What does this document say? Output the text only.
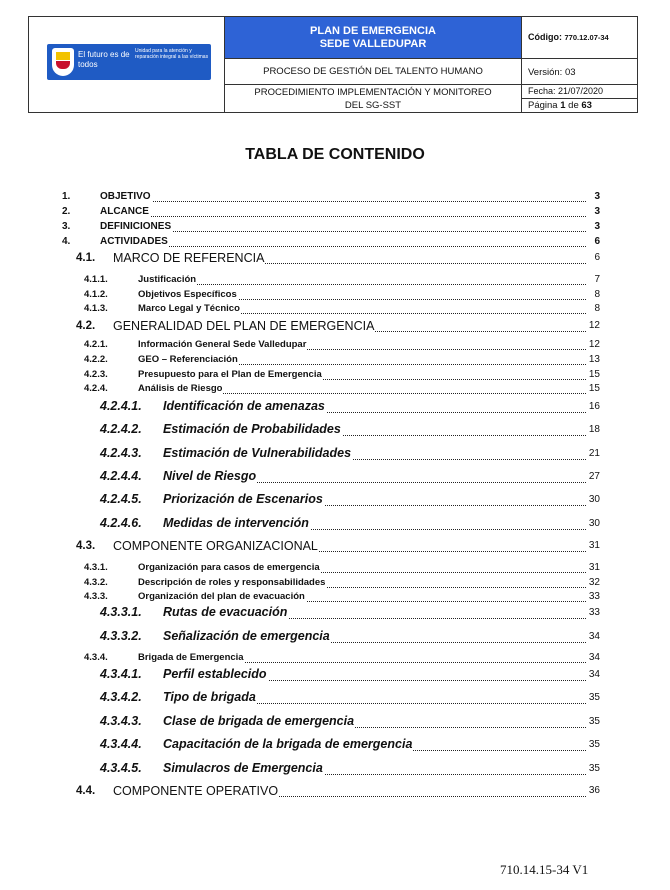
El futuro es de todos
Unidad para la atención y reparación integral a las víctimas
PLAN DE EMERGENCIA
SEDE VALLEDUPAR
PROCESO DE GESTIÓN DEL TALENTO HUMANO
PROCEDIMIENTO IMPLEMENTACIÓN Y MONITOREO
DEL SG-SST
Código: 770.12.07-34
Versión: 03
Fecha: 21/07/2020
Página 1 de 63
TABLA DE CONTENIDO
1.	OBJETIVO	3
2.	ALCANCE	3
3.	DEFINICIONES	3
4.	ACTIVIDADES	6
4.1. MARCO DE REFERENCIA	6
4.1.1.	Justificación	7
4.1.2.	Objetivos Específicos	8
4.1.3.	Marco Legal y Técnico	8
4.2. GENERALIDAD DEL PLAN DE EMERGENCIA	12
4.2.1.	Información General Sede Valledupar	12
4.2.2.	GEO – Referenciación	13
4.2.3.	Presupuesto para el Plan de Emergencia	15
4.2.4.	Análisis de Riesgo	15
4.2.4.1. Identificación de amenazas	16
4.2.4.2. Estimación de Probabilidades	18
4.2.4.3. Estimación de Vulnerabilidades	21
4.2.4.4. Nivel de Riesgo	27
4.2.4.5. Priorización de Escenarios	30
4.2.4.6. Medidas de intervención	30
4.3. COMPONENTE ORGANIZACIONAL	31
4.3.1.	Organización para casos de emergencia	31
4.3.2.	Descripción de roles y responsabilidades	32
4.3.3.	Organización del plan de evacuación	33
4.3.3.1. Rutas de evacuación	33
4.3.3.2. Señalización de emergencia	34
4.3.4.	Brigada de Emergencia	34
4.3.4.1. Perfil establecido	34
4.3.4.2. Tipo de brigada	35
4.3.4.3. Clase de brigada de emergencia	35
4.3.4.4. Capacitación de la brigada de emergencia	35
4.3.4.5. Simulacros de Emergencia	35
4.4. COMPONENTE OPERATIVO	36
710.14.15-34 V1
